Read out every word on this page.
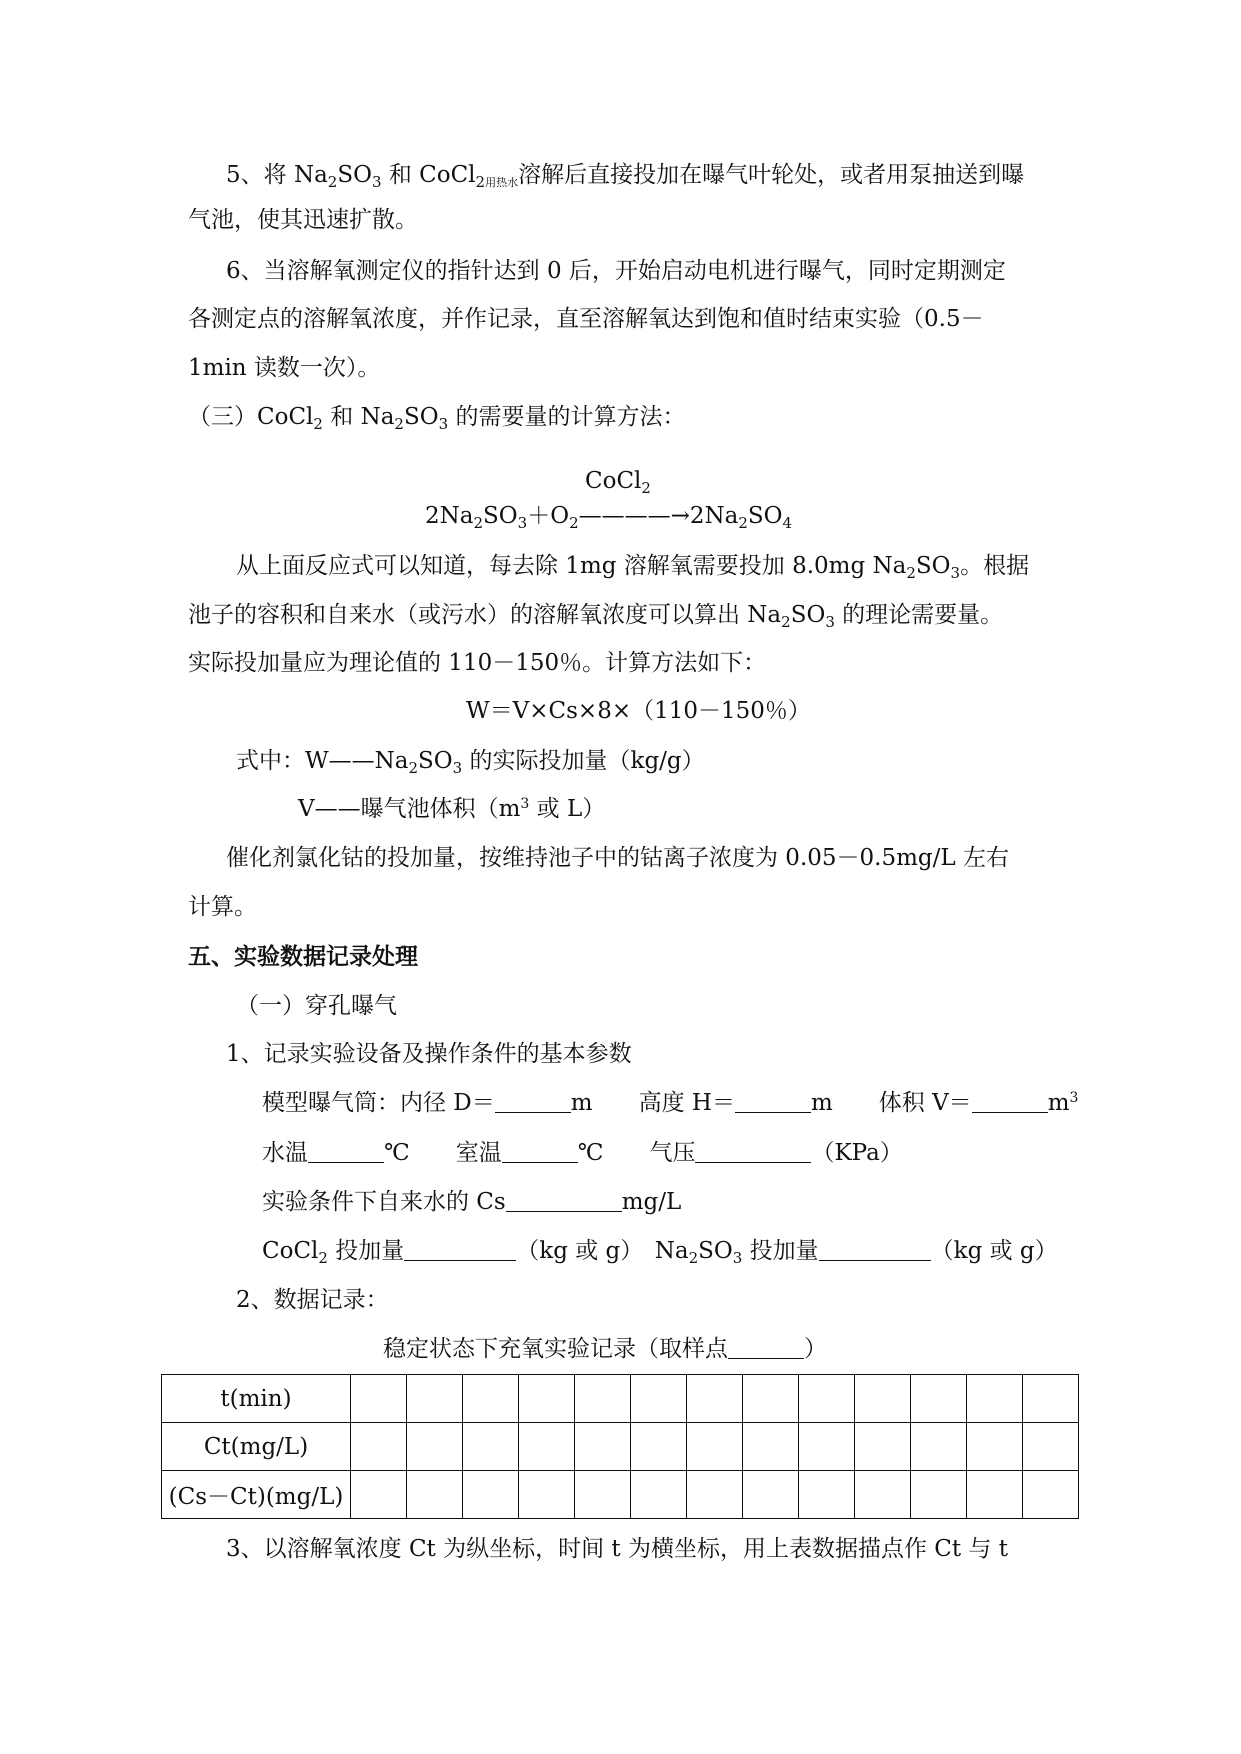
5、将 $Na_2SO_3$ 和 CoCl$_2$用热水溶解后直接投加在曝气叶轮处，或者用泵抽送到曝
气池，使其迅速扩散。
6、当溶解氧测定仪的指针达到 0 后，开始启动电机进行曝气，同时定期测定
各测定点的溶解氧浓度，并作记录，直至溶解氧达到饱和值时结束实验（0.5－
1min 读数一次）。
（三）CoCl$_2$ 和 $Na_2SO_3$ 的需要量的计算方法：
CoCl$_2$
$2Na_2SO_3+O_2————\to 2Na_2SO_4$
从上面反应式可以知道，每去除 1mg 溶解氧需要投加 8.0mg $Na_2SO_3$。根据
池子的容积和自来水（或污水）的溶解氧浓度可以算出 $Na_2SO_3$ 的理论需要量。
实际投加量应为理论值的 110－150％。计算方法如下：
W＝V×Cs×8×（110－150％）
式中：$W——Na_2SO_3$ 的实际投加量（kg/g）
V——曝气池体积（$m^3$ 或 L）
催化剂氯化钴的投加量，按维持池子中的钴离子浓度为 0.05－0.5mg/L 左右
计算。
五、实验数据记录处理
（一）穿孔曝气
1、记录实验设备及操作条件的基本参数
模型曝气筒：内径 D＝	m　　高度 H＝	m　　体积 V＝	$m^3$
水温	℃　　室温	℃　　气压	（KPa）
实验条件下自来水的 Cs	mg/L
CoCl$_2$ 投加量	（kg 或 g）　$Na_2SO_3$ 投加量	（kg 或 g）
2、数据记录：
稳定状态下充氧实验记录（取样点	）
t(min)													
Ct(mg/L)													
(Cs－Ct)(mg/L)													
3、以溶解氧浓度 Ct 为纵坐标，时间 t 为横坐标，用上表数据描点作 Ct 与 t
